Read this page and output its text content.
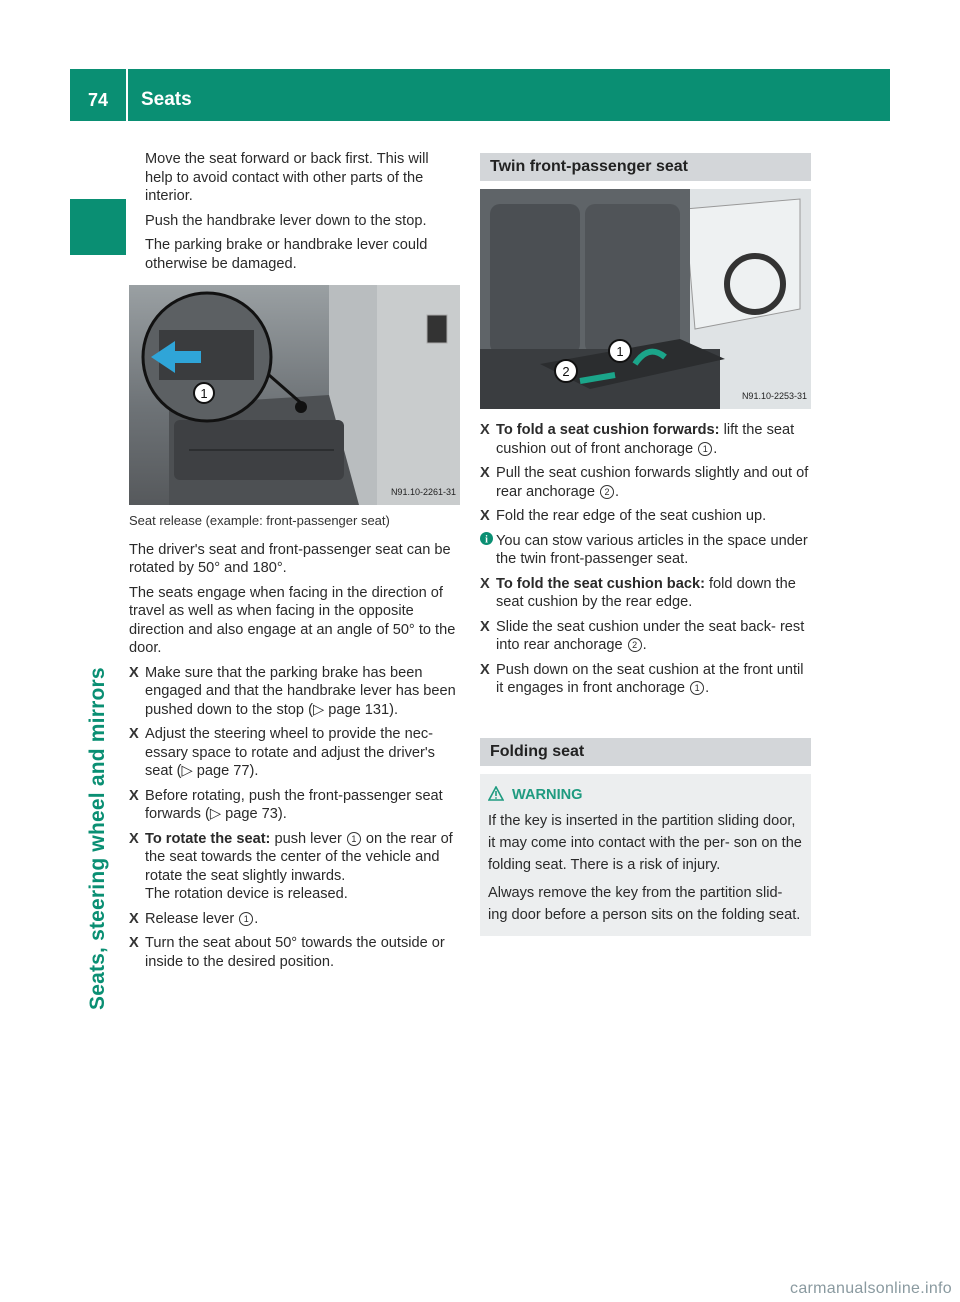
74	Seats
Seats, steering wheel and mirrors

Move the seat forward or back first. This will help to avoid contact with other parts of the interior.

Push the handbrake lever down to the stop.

The parking brake or handbrake lever could otherwise be damaged.

1
N91.10-2261-31
Seat release (example: front-passenger seat)

The driver's seat and front-passenger seat can be rotated by 50° and 180°.

The seats engage when facing in the direction of travel as well as when facing in the opposite direction and also engage at an angle of 50° to the door.

X Make sure that the parking brake has been engaged and that the handbrake lever has been pushed down to the stop (▷ page 131).
X Adjust the steering wheel to provide the nec- essary space to rotate and adjust the driver's seat (▷ page 77).
X Before rotating, push the front-passenger seat forwards (▷ page 73).
X To rotate the seat: push lever 1 on the rear of the seat towards the center of the vehicle and rotate the seat slightly inwards.
The rotation device is released.
X Release lever 1 .
X Turn the seat about 50° towards the outside or inside to the desired position.
Twin front-passenger seat
1
2
N91.10-2253-31
X To fold a seat cushion forwards: lift the seat cushion out of front anchorage 1 .
X Pull the seat cushion forwards slightly and out of rear anchorage 2 .
X Fold the rear edge of the seat cushion up.
i You can stow various articles in the space under the twin front-passenger seat.
X To fold the seat cushion back: fold down the seat cushion by the rear edge.
X Slide the seat cushion under the seat back- rest into rear anchorage 2 .
X Push down on the seat cushion at the front until it engages in front anchorage 1 .
Folding seat
WARNING

If the key is inserted in the partition sliding door, it may come into contact with the per- son on the folding seat. There is a risk of injury.

Always remove the key from the partition slid- ing door before a person sits on the folding seat.

carmanualsonline.info
